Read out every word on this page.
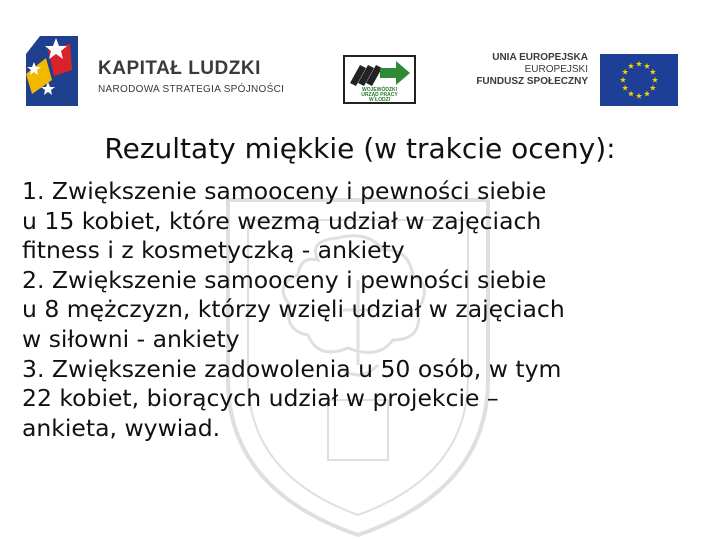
KAPITAŁ LUDZKI
NARODOWA STRATEGIA SPÓJNOŚCI	WOJEWÓDZKI
URZĄD PRACY
W ŁODZI
UNIA EUROPEJSKA
EUROPEJSKI
FUNDUSZ SPOŁECZNY
Rezultaty miękkie (w trakcie oceny):
1. Zwiększenie samooceny i pewności siebie
u 15 kobiet, które wezmą udział w zajęciach
fitness i z kosmetyczką - ankiety
2. Zwiększenie samooceny i pewności siebie
u 8 mężczyzn, którzy wzięli udział w zajęciach
w siłowni - ankiety
3. Zwiększenie zadowolenia u 50 osób, w tym
22 kobiet, biorących udział w projekcie –
ankieta, wywiad.
